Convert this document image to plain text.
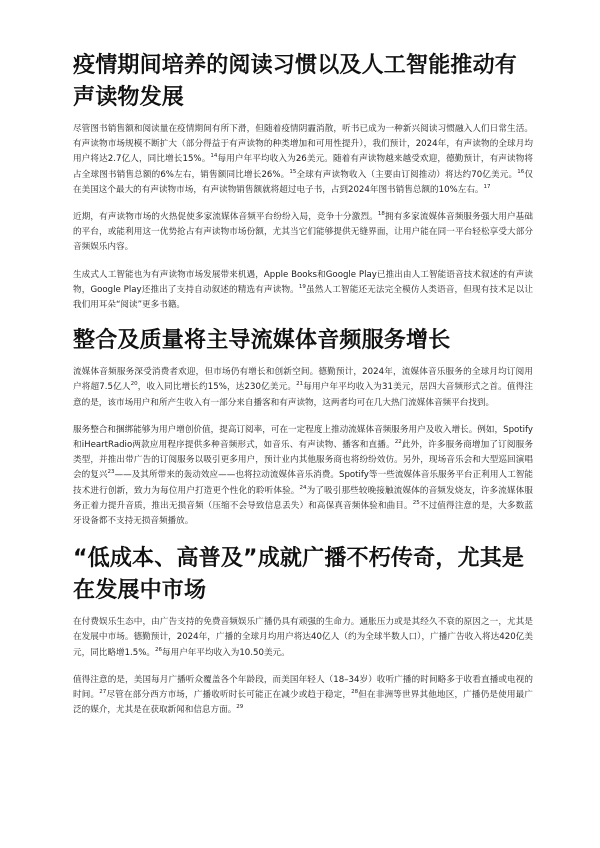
疫情期间培养的阅读习惯以及人工智能推动有声读物发展

尽管图书销售额和阅读量在疫情期间有所下滑，但随着疫情阴霾消散，听书已成为一种新兴阅读习惯融入人们日常生活。有声读物市场规模不断扩大（部分得益于有声读物的种类增加和可用性提升），我们预计，2024年，有声读物的全球月均用户将达2.7亿人，同比增长15%。$^{14}$每用户年平均收入为26美元。随着有声读物越来越受欢迎，德勤预计，有声读物将占全球图书销售总额的6%左右，销售额同比增长26%。$^{15}$全球有声读物收入（主要由订阅推动）将达约70亿美元。$^{16}$仅在美国这个最大的有声读物市场，有声读物销售额就将超过电子书，占到2024年图书销售总额的10%左右。$^{17}$

近期，有声读物市场的火热促使多家流媒体音频平台纷纷入局，竞争十分激烈。$^{18}$拥有多家流媒体音频服务强大用户基础的平台，或能利用这一优势抢占有声读物市场份额，尤其当它们能够提供无缝界面，让用户能在同一平台轻松享受大部分音频娱乐内容。

生成式人工智能也为有声读物市场发展带来机遇，Apple Books和Google Play已推出由人工智能语音技术叙述的有声读物，Google Play还推出了支持自动叙述的精选有声读物。$^{19}$虽然人工智能还无法完全模仿人类语音，但现有技术足以让我们用耳朵“阅读”更多书籍。

整合及质量将主导流媒体音频服务增长

流媒体音频服务深受消费者欢迎，但市场仍有增长和创新空间。德勤预计，2024年，流媒体音乐服务的全球月均订阅用户将超7.5亿人$^{20}$，收入同比增长约15%，达230亿美元。$^{21}$每用户年平均收入为31美元，居四大音频形式之首。值得注意的是，该市场用户和所产生收入有一部分来自播客和有声读物，这两者均可在几大热门流媒体音频平台找到。

服务整合和捆绑能够为用户增创价值，提高订阅率，可在一定程度上推动流媒体音频服务用户及收入增长。例如，Spotify和iHeartRadio两款应用程序提供多种音频形式，如音乐、有声读物、播客和直播。$^{22}$此外，许多服务商增加了订阅服务类型，并推出带广告的订阅服务以吸引更多用户，预计业内其他服务商也将纷纷效仿。另外，现场音乐会和大型巡回演唱会的复兴$^{23}$——及其所带来的轰动效应——也将拉动流媒体音乐消费。Spotify等一些流媒体音乐服务平台正利用人工智能技术进行创新，致力为每位用户打造更个性化的聆听体验。$^{24}$为了吸引那些较晚接触流媒体的音频发烧友，许多流媒体服务正着力提升音质，推出无损音频（压缩不会导致信息丢失）和高保真音频体验和曲目。$^{25}$不过值得注意的是，大多数蓝牙设备都不支持无损音频播放。

“低成本、高普及”成就广播不朽传奇，尤其是在发展中市场

在付费娱乐生态中，由广告支持的免费音频娱乐广播仍具有顽强的生命力。通胀压力或是其经久不衰的原因之一，尤其是在发展中市场。德勤预计，2024年，广播的全球月均用户将达40亿人（约为全球半数人口），广播广告收入将达420亿美元，同比略增1.5%。$^{26}$每用户年平均收入为10.50美元。

值得注意的是，美国每月广播听众覆盖各个年龄段，而美国年轻人（18–34岁）收听广播的时间略多于收看直播或电视的时间。$^{27}$尽管在部分西方市场，广播收听时长可能正在减少或趋于稳定，$^{28}$但在非洲等世界其他地区，广播仍是使用最广泛的媒介，尤其是在获取新闻和信息方面。$^{29}$
